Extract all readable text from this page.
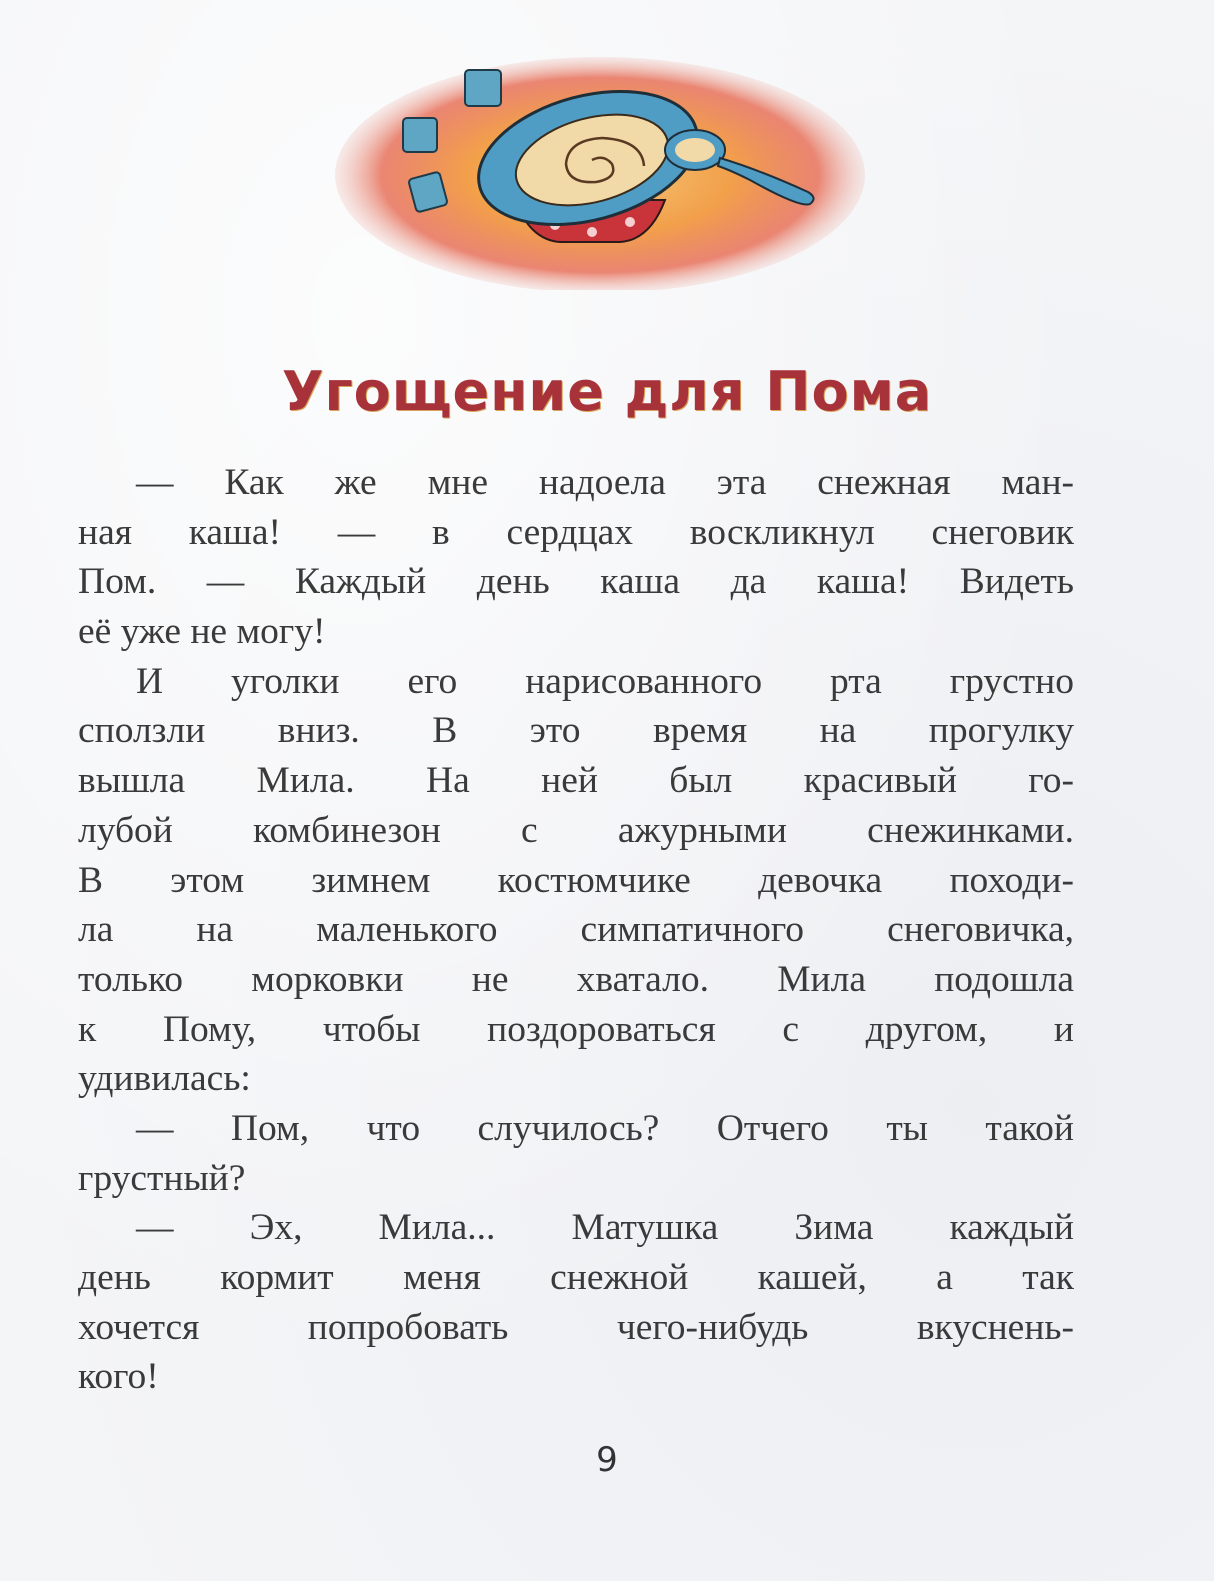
Угощение для Пома
— Как же мне надоела эта снежная ман-
ная каша! — в сердцах воскликнул снеговик
Пом. — Каждый день каша да каша! Видеть
её уже не могу!
И уголки его нарисованного рта грустно
сползли вниз. В это время на прогулку
вышла Мила. На ней был красивый го-
лубой комбинезон с ажурными снежинками.
В этом зимнем костюмчике девочка походи-
ла на маленького симпатичного снеговичка,
только морковки не хватало. Мила подошла
к Пому, чтобы поздороваться с другом, и
удивилась:
— Пом, что случилось? Отчего ты такой
грустный?
— Эх, Мила... Матушка Зима каждый
день кормит меня снежной кашей, а так
хочется попробовать чего-нибудь вкуснень-
кого!
9
